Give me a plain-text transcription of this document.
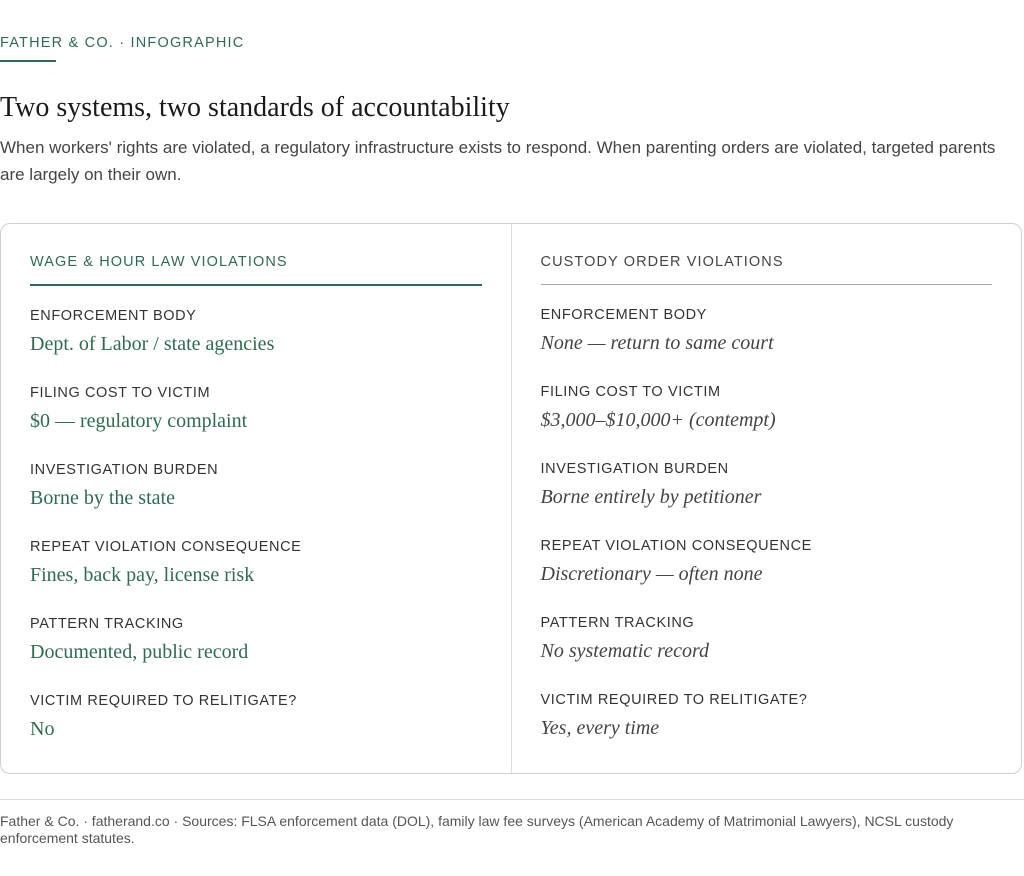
FATHER & CO. · INFOGRAPHIC
Two systems, two standards of accountability

When workers' rights are violated, a regulatory infrastructure exists to respond. When parenting orders are violated, targeted parents are largely on their own.

WAGE & HOUR LAW VIOLATIONS
ENFORCEMENT BODY
Dept. of Labor / state agencies
FILING COST TO VICTIM
$0 — regulatory complaint
INVESTIGATION BURDEN
Borne by the state
REPEAT VIOLATION CONSEQUENCE
Fines, back pay, license risk
PATTERN TRACKING
Documented, public record
VICTIM REQUIRED TO RELITIGATE?
No
CUSTODY ORDER VIOLATIONS
ENFORCEMENT BODY
None — return to same court
FILING COST TO VICTIM
$3,000–$10,000+ (contempt)
INVESTIGATION BURDEN
Borne entirely by petitioner
REPEAT VIOLATION CONSEQUENCE
Discretionary — often none
PATTERN TRACKING
No systematic record
VICTIM REQUIRED TO RELITIGATE?
Yes, every time
Father & Co. · fatherand.co · Sources: FLSA enforcement data (DOL), family law fee surveys (American Academy of Matrimonial Lawyers), NCSL custody enforcement statutes.
